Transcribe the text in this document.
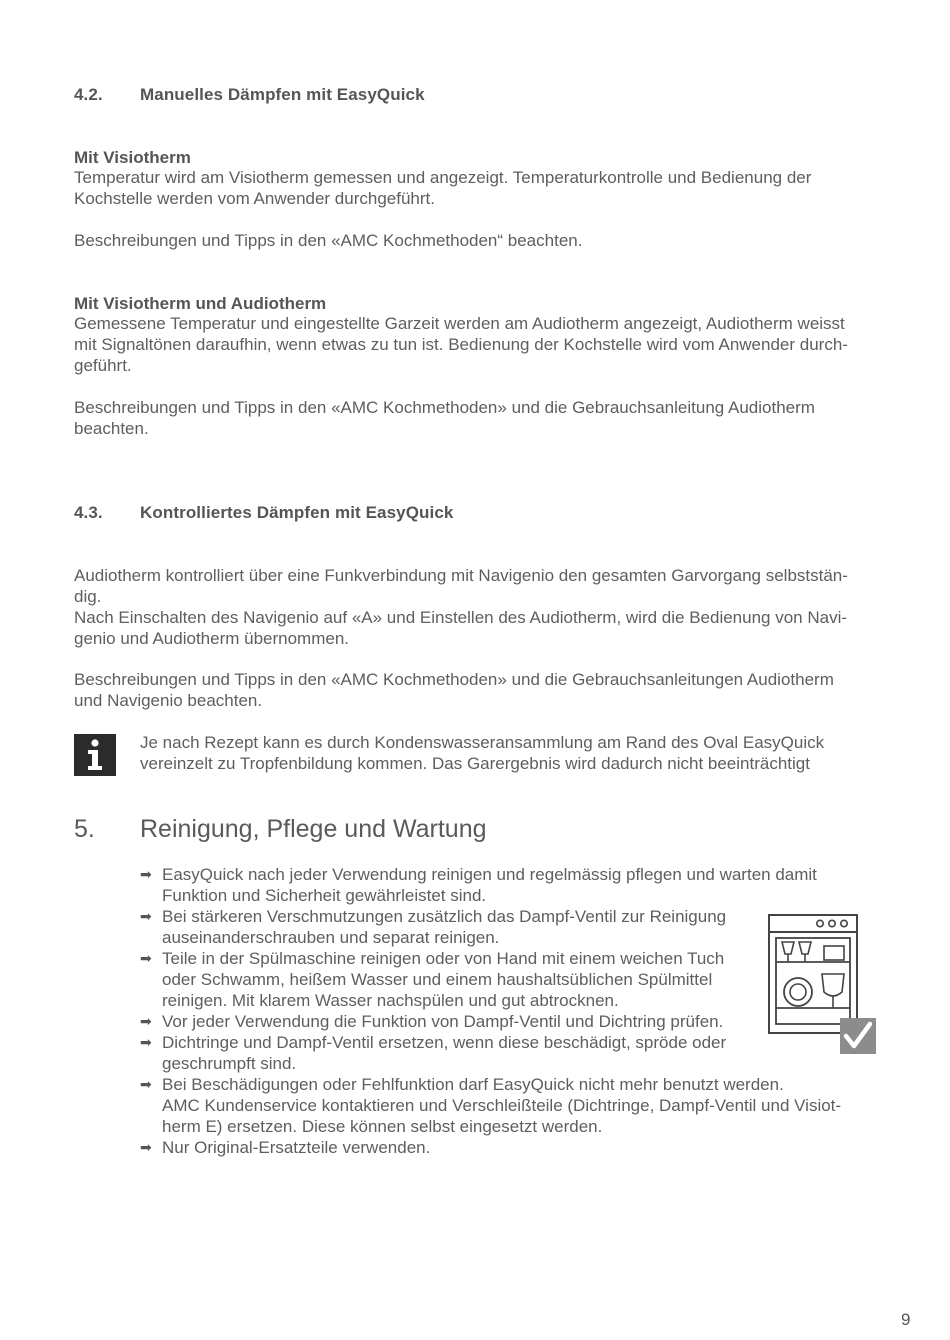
4.2. Manuelles Dämpfen mit EasyQuick
Mit Visiotherm
Temperatur wird am Visiotherm gemessen und angezeigt. Temperaturkontrolle und Bedienung der
Kochstelle werden vom Anwender durchgeführt.
Beschreibungen und Tipps in den «AMC Kochmethoden“ beachten.
Mit Visiotherm und Audiotherm
Gemessene Temperatur und eingestellte Garzeit werden am Audiotherm angezeigt, Audiotherm weisst
mit Signaltönen daraufhin, wenn etwas zu tun ist. Bedienung der Kochstelle wird vom Anwender durch-
geführt.
Beschreibungen und Tipps in den «AMC Kochmethoden» und die Gebrauchsanleitung Audiotherm
beachten.
4.3. Kontrolliertes Dämpfen mit EasyQuick
Audiotherm kontrolliert über eine Funkverbindung mit Navigenio den gesamten Garvorgang selbststän-
dig.
Nach Einschalten des Navigenio auf «A» und Einstellen des Audiotherm, wird die Bedienung von Navi-
genio und Audiotherm übernommen.
Beschreibungen und Tipps in den «AMC Kochmethoden» und die Gebrauchsanleitungen Audiotherm
und Navigenio beachten.
Je nach Rezept kann es durch Kondenswasseransammlung am Rand des Oval EasyQuick
vereinzelt zu Tropfenbildung kommen. Das Garergebnis wird dadurch nicht beeinträchtigt
5. Reinigung, Pflege und Wartung
➡ EasyQuick nach jeder Verwendung reinigen und regelmässig pflegen und warten damit
Funktion und Sicherheit gewährleistet sind.
➡ Bei stärkeren Verschmutzungen zusätzlich das Dampf-Ventil zur Reinigung
auseinanderschrauben und separat reinigen.
➡ Teile in der Spülmaschine reinigen oder von Hand mit einem weichen Tuch
oder Schwamm, heißem Wasser und einem haushaltsüblichen Spülmittel
reinigen. Mit klarem Wasser nachspülen und gut abtrocknen.
➡ Vor jeder Verwendung die Funktion von Dampf-Ventil und Dichtring prüfen.
➡ Dichtringe und Dampf-Ventil ersetzen, wenn diese beschädigt, spröde oder
geschrumpft sind.
➡ Bei Beschädigungen oder Fehlfunktion darf EasyQuick nicht mehr benutzt werden.
AMC Kundenservice kontaktieren und Verschleißteile (Dichtringe, Dampf-Ventil und Visiot-
herm E) ersetzen. Diese können selbst eingesetzt werden.
➡ Nur Original-Ersatzteile verwenden.
9
